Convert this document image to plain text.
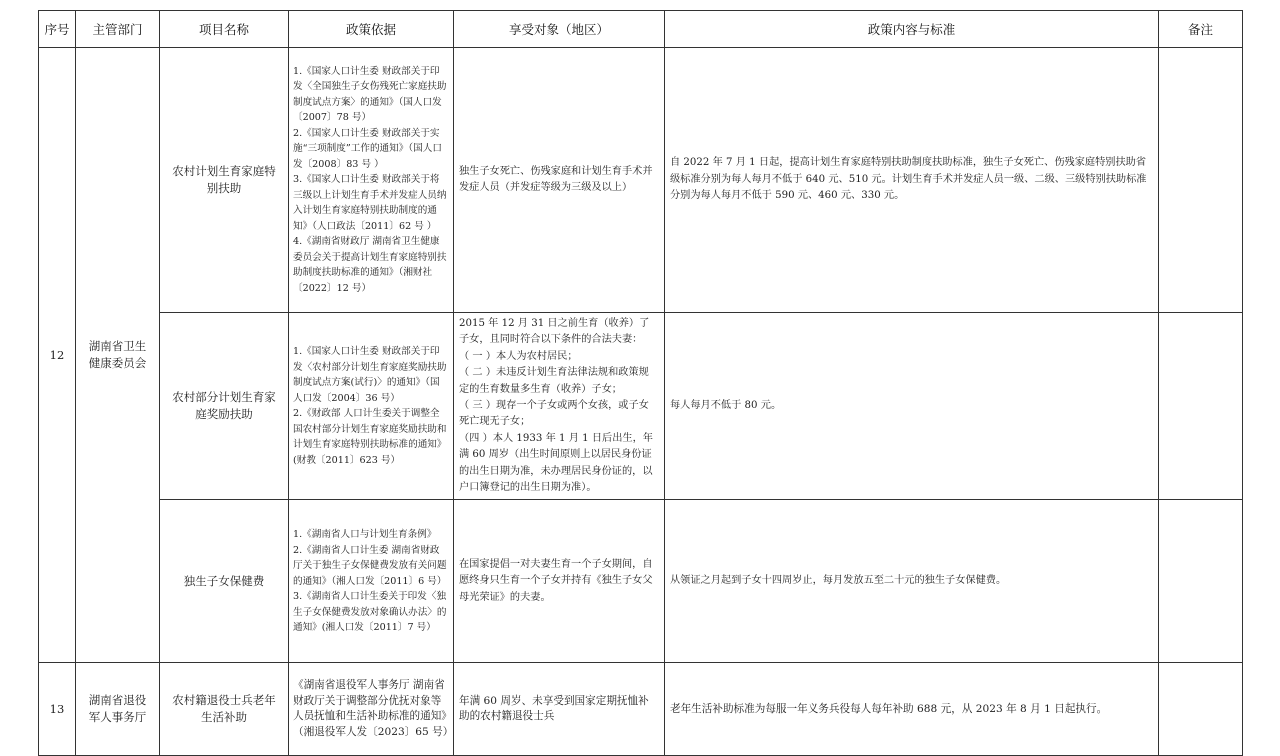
序号	主管部门	项目名称	政策依据	享受对象（地区）	政策内容与标准	备注
12	湖南省卫生健康委员会	农村计划生育家庭特别扶助	1.《国家人口计生委 财政部关于印发〈全国独生子女伤残死亡家庭扶助制度试点方案〉的通知》（国人口发〔2007〕78 号）
2.《国家人口计生委 财政部关于实施“三项制度”工作的通知》（国人口发〔2008〕83 号 ）
3.《国家人口计生委 财政部关于将三级以上计划生育手术并发症人员纳入计划生育家庭特别扶助制度的通知》（人口政法〔2011〕62 号 ）
4.《湖南省财政厅 湖南省卫生健康委员会关于提高计划生育家庭特别扶助制度扶助标准的通知》（湘财社〔2022〕12 号）	独生子女死亡、伤残家庭和计划生育手术并发症人员（并发症等级为三级及以上）	自 2022 年 7 月 1 日起，提高计划生育家庭特别扶助制度扶助标准，独生子女死亡、伤残家庭特别扶助省级标准分别为每人每月不低于 640 元、510 元。计划生育手术并发症人员一级、二级、三级特别扶助标准分别为每人每月不低于 590 元、460 元、330 元。	

		农村部分计划生育家庭奖励扶助	1.《国家人口计生委 财政部关于印发〈农村部分计划生育家庭奖励扶助制度试点方案(试行)〉的通知》（国人口发〔2004〕36 号）
2.《财政部 人口计生委关于调整全国农村部分计划生育家庭奖励扶助和计划生育家庭特别扶助标准的通知》(财教〔2011〕623 号）	2015 年 12 月 31 日之前生育（收养）了子女，且同时符合以下条件的合法夫妻：
（ 一 ）本人为农村居民；
（ 二 ）未违反计划生育法律法规和政策规定的生育数量多生育（收养）子女；
（ 三 ）现存一个子女或两个女孩，或子女死亡现无子女；
（四 ）本人 1933 年 1 月 1 日后出生，年满 60 周岁（出生时间原则上以居民身份证的出生日期为准，未办理居民身份证的，以户口簿登记的出生日期为准）。	每人每月不低于 80 元。	

		独生子女保健费	1.《湖南省人口与计划生育条例》
2.《湖南省人口计生委 湖南省财政厅关于独生子女保健费发放有关问题的通知》（湘人口发〔2011〕6 号）
3.《湖南省人口计生委关于印发〈独生子女保健费发放对象确认办法〉的通知》(湘人口发〔2011〕7 号）	在国家提倡一对夫妻生育一个子女期间，自愿终身只生育一个子女并持有《独生子女父母光荣证》的夫妻。	从领证之月起到子女十四周岁止，每月发放五至二十元的独生子女保健费。	

13	湖南省退役军人事务厅	农村籍退役士兵老年生活补助	《湖南省退役军人事务厅 湖南省财政厅关于调整部分优抚对象等人员抚恤和生活补助标准的通知》（湘退役军人发〔2023〕65 号）	年满 60 周岁、未享受到国家定期抚恤补助的农村籍退役士兵	老年生活补助标准为每服一年义务兵役每人每年补助 688 元，从 2023 年 8 月 1 日起执行。	
